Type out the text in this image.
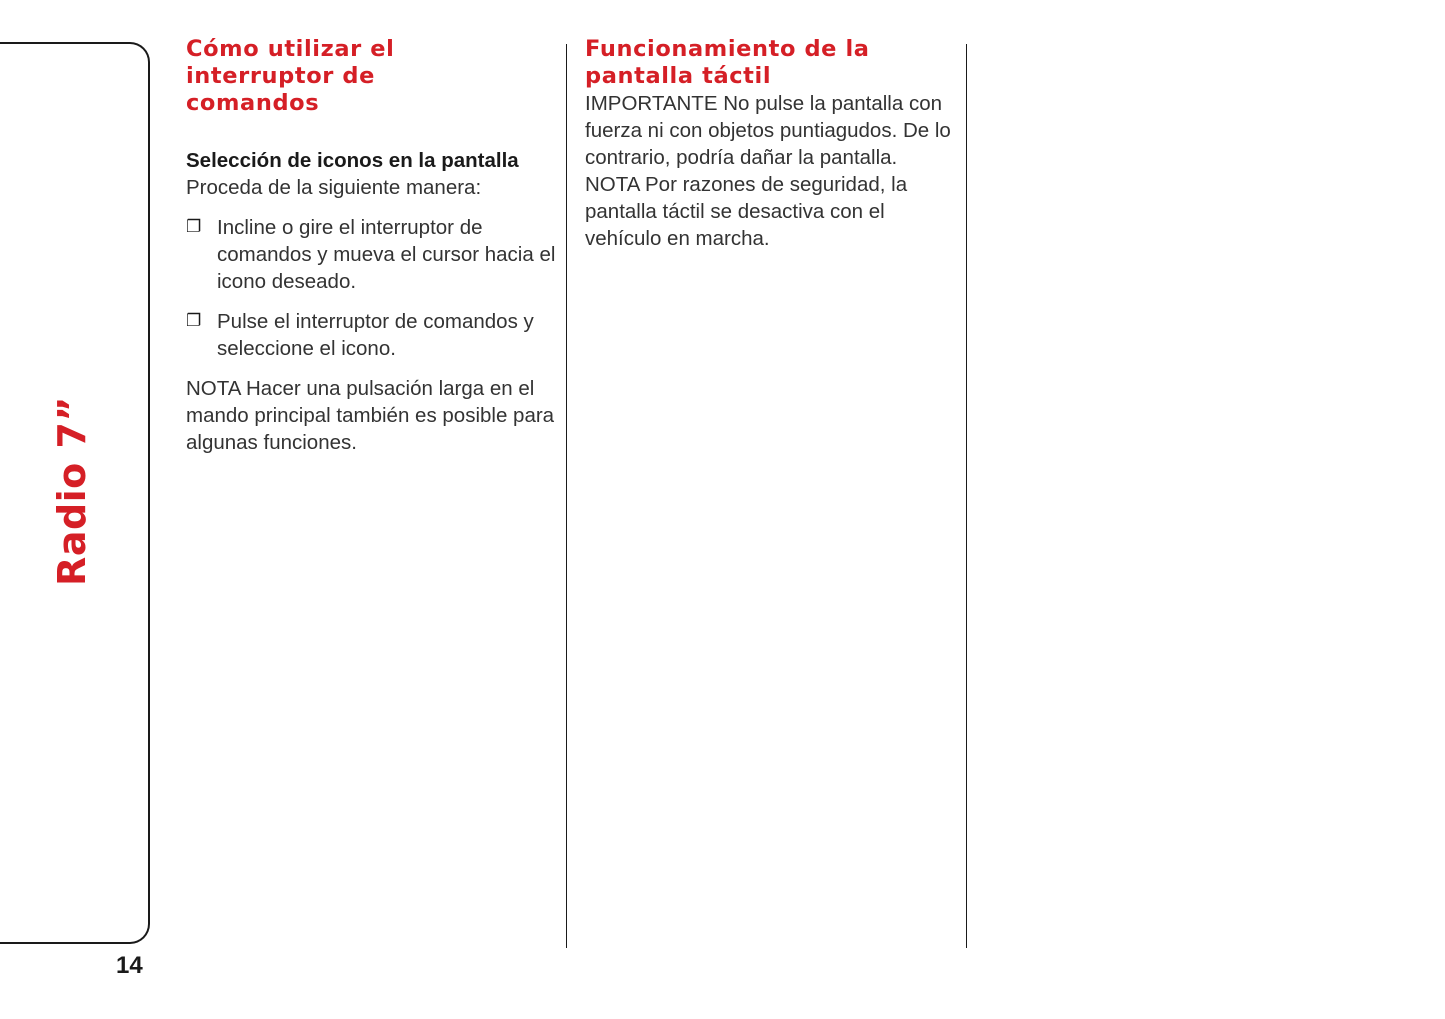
Radio 7”
14
Cómo utilizar el
interruptor de
comandos
Selección de iconos en la pantalla

Proceda de la siguiente manera:

❐ Incline o gire el interruptor de comandos y mueva el cursor hacia el icono deseado.
❐ Pulse el interruptor de comandos y seleccione el icono.

NOTA Hacer una pulsación larga en el mando principal también es posible para algunas funciones.

Funcionamiento de la
pantalla táctil

IMPORTANTE No pulse la pantalla con fuerza ni con objetos puntiagudos. De lo contrario, podría dañar la pantalla.

NOTA Por razones de seguridad, la pantalla táctil se desactiva con el vehículo en marcha.
